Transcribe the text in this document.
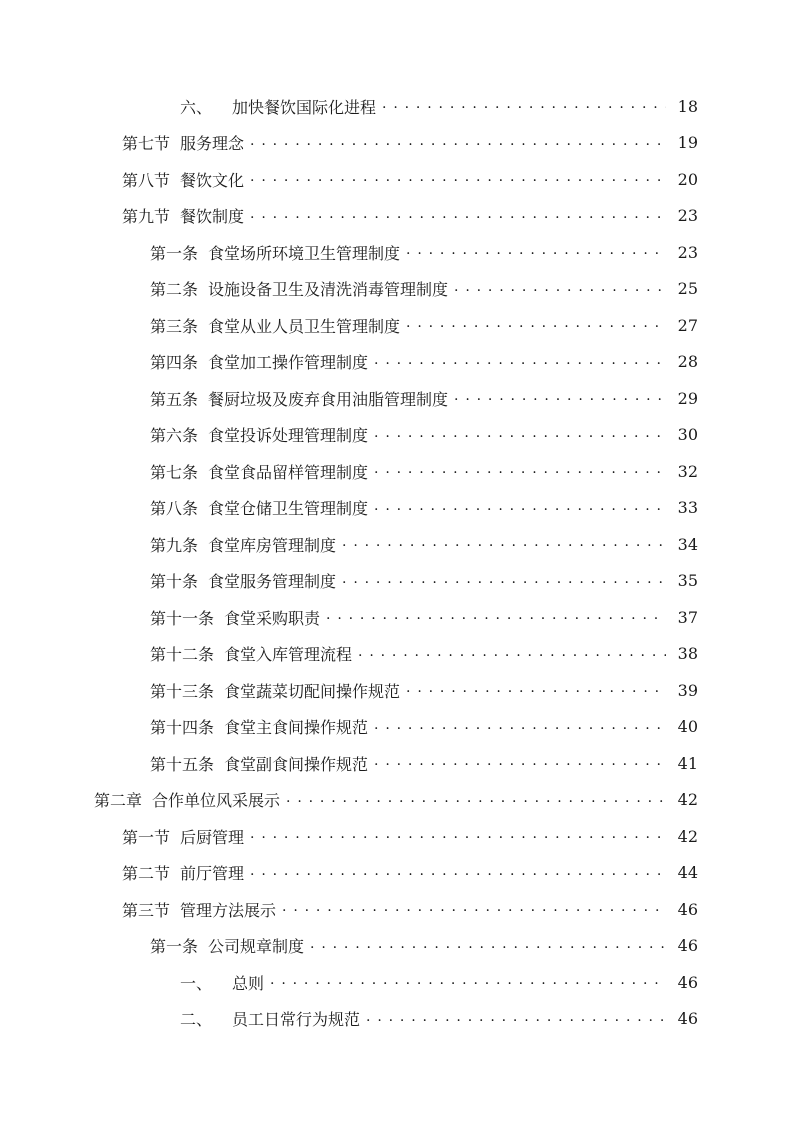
六、 加快餐饮国际化进程 . . .	18
第七节 服务理念 . . .	19
第八节 餐饮文化 . . .	20
第九节 餐饮制度 . . .	23
第一条 食堂场所环境卫生管理制度 . . .	23
第二条 设施设备卫生及清洗消毒管理制度 . . .	25
第三条 食堂从业人员卫生管理制度 . . .	27
第四条 食堂加工操作管理制度 . . .	28
第五条 餐厨垃圾及废弃食用油脂管理制度 . . .	29
第六条 食堂投诉处理管理制度 . . .	30
第七条 食堂食品留样管理制度 . . .	32
第八条 食堂仓储卫生管理制度 . . .	33
第九条 食堂库房管理制度 . . .	34
第十条 食堂服务管理制度 . . .	35
第十一条 食堂采购职责 . . .	37
第十二条 食堂入库管理流程 . . .	38
第十三条 食堂蔬菜切配间操作规范 . . .	39
第十四条 食堂主食间操作规范 . . .	40
第十五条 食堂副食间操作规范 . . .	41
第二章 合作单位风采展示 . . .	42
第一节 后厨管理 . . .	42
第二节 前厅管理 . . .	44
第三节 管理方法展示 . . .	46
第一条 公司规章制度 . . .	46
一、 总则 . . .	46
二、 员工日常行为规范 . . .	46
